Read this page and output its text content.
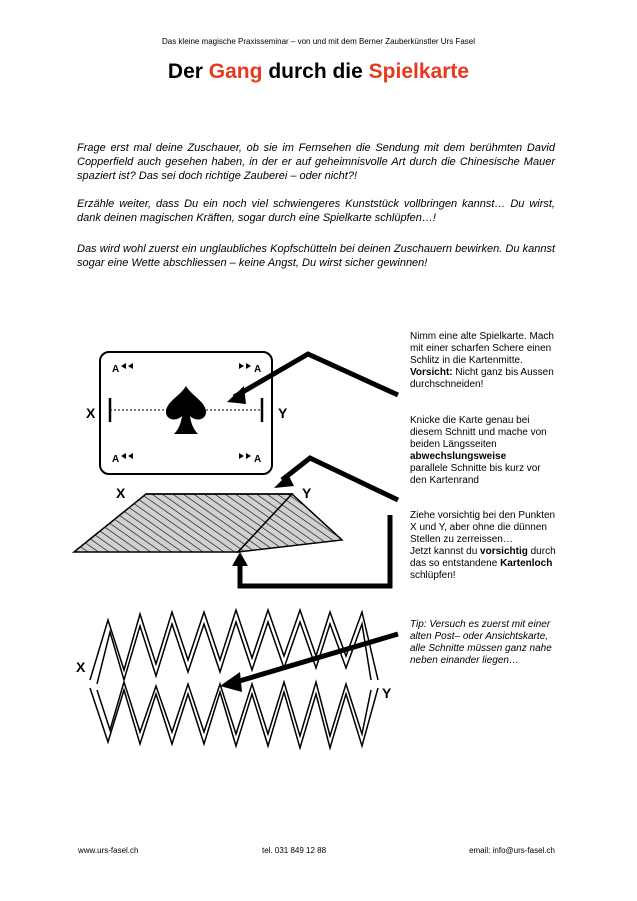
Das kleine magische Praxisseminar – von und mit dem Berner Zauberkünstler Urs Fasel
Der Gang durch die Spielkarte

Frage erst mal deine Zuschauer, ob sie im Fernsehen die Sendung mit dem berühmten David Copperfield auch gesehen haben, in der er auf geheimnisvolle Art durch die Chinesische Mauer spaziert ist? Das sei doch richtige Zauberei – oder nicht?!

Erzähle weiter, dass Du ein noch viel schwiengeres Kunststück vollbringen kannst… Du wirst, dank deinen magischen Kräften, sogar durch eine Spielkarte schlüpfen…!

Das wird wohl zuerst ein unglaubliches Kopfschütteln bei deinen Zuschauern bewirken. Du kannst sogar eine Wette abschliessen – keine Angst, Du wirst sicher gewinnen!

A
A
A
A
X	Y
X	Y
X
Y

Nimm eine alte Spielkarte. Mach mit einer scharfen Schere einen Schlitz in die Kartenmitte.
Vorsicht: Nicht ganz bis Aussen durchschneiden!

Knicke die Karte genau bei diesem Schnitt und mache von beiden Längsseiten
abwechslungsweise
parallele Schnitte bis kurz vor den Kartenrand

Ziehe vorsichtig bei den Punkten X und Y, aber ohne die dünnen Stellen zu zerreissen…
Jetzt kannst du vorsichtig durch das so entstandene Kartenloch schlüpfen!

Tip: Versuch es zuerst mit einer alten Post– oder Ansichtskarte, alle Schnitte müssen ganz nahe neben einander liegen…

www.urs-fasel.ch	tel. 031 849 12 88	email: info@urs-fasel.ch
